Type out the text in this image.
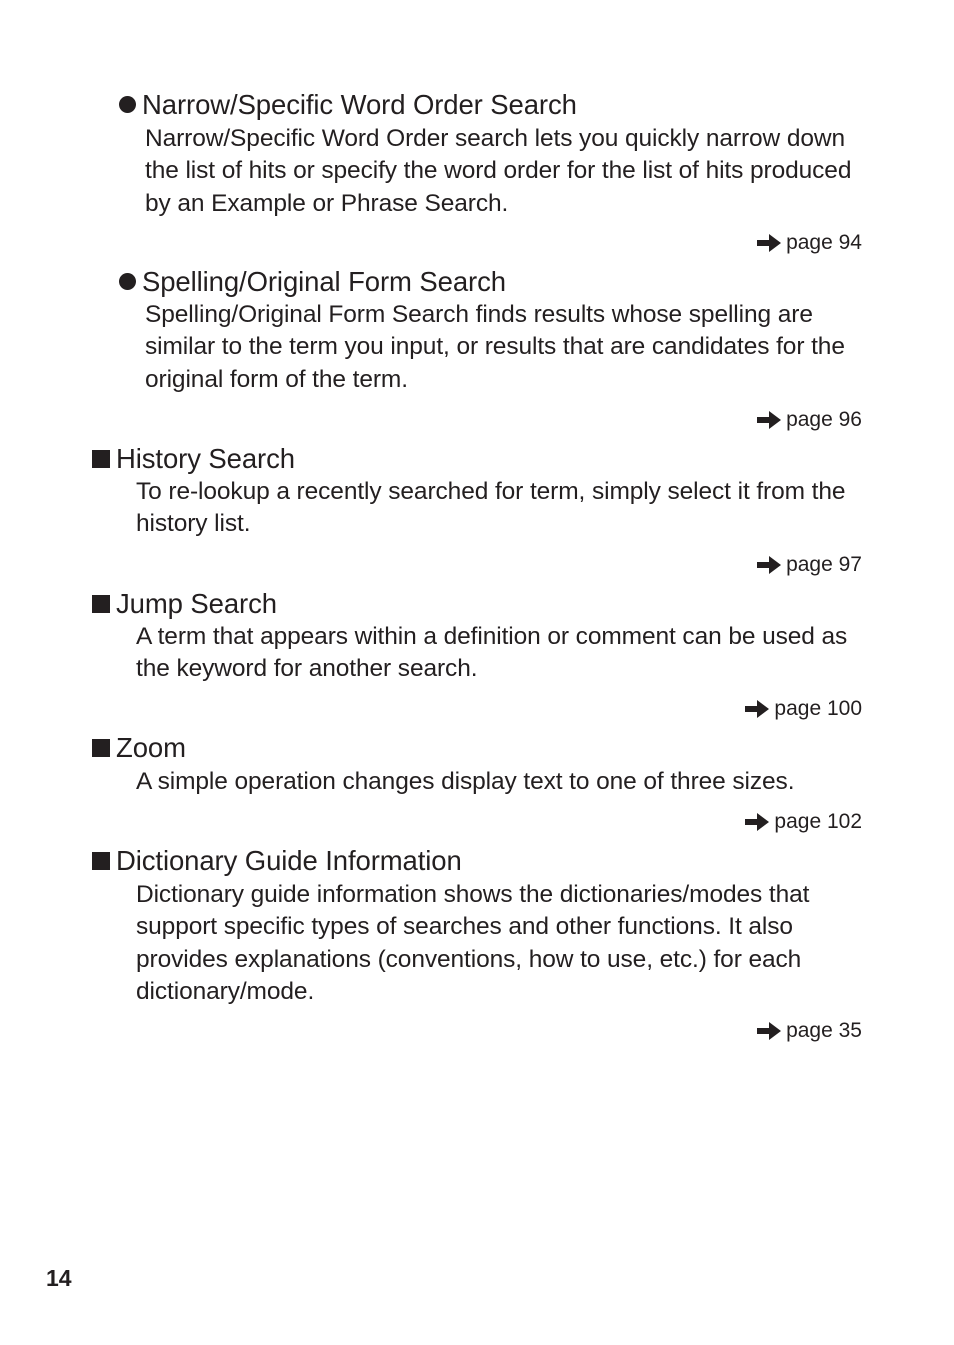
Narrow/Specific Word Order Search
Narrow/Specific Word Order search lets you quickly narrow down the list of hits or specify the word order for the list of hits produced by an Example or Phrase Search.
page 94
Spelling/Original Form Search
Spelling/Original Form Search finds results whose spelling are similar to the term you input, or results that are candidates for the original form of the term.
page 96
History Search
To re-lookup a recently searched for term, simply select it from the history list.
page 97
Jump Search
A term that appears within a definition or comment can be used as the keyword for another search.
page 100
Zoom
A simple operation changes display text to one of three sizes.
page 102
Dictionary Guide Information
Dictionary guide information shows the dictionaries/modes that support specific types of searches and other functions. It also provides explanations (conventions, how to use, etc.) for each dictionary/mode.
page 35
14
